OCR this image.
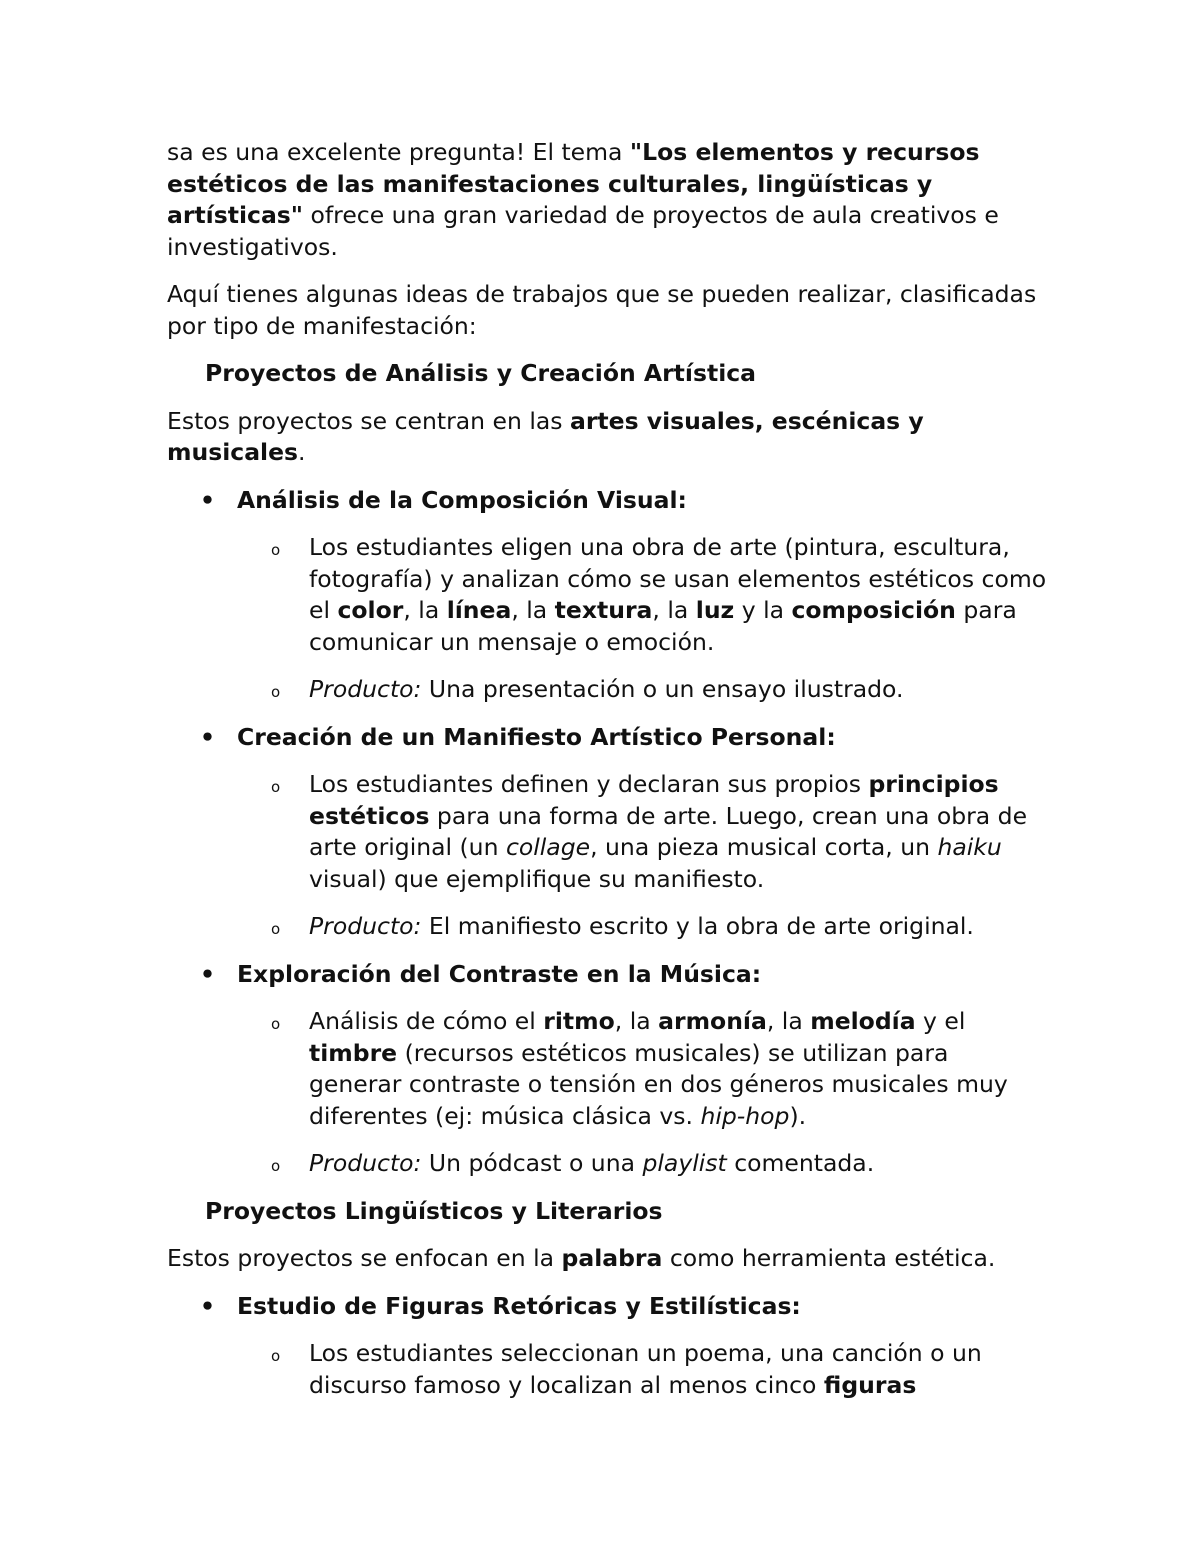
sa es una excelente pregunta! El tema "Los elementos y recursos estéticos de las manifestaciones culturales, lingüísticas y artísticas" ofrece una gran variedad de proyectos de aula creativos e investigativos.

Aquí tienes algunas ideas de trabajos que se pueden realizar, clasificadas por tipo de manifestación:

Proyectos de Análisis y Creación Artística

Estos proyectos se centran en las artes visuales, escénicas y musicales.

• Análisis de la Composición Visual:

o	Los estudiantes eligen una obra de arte (pintura, escultura, fotografía) y analizan cómo se usan elementos estéticos como el color, la línea, la textura, la luz y la composición para comunicar un mensaje o emoción.
o	Producto: Una presentación o un ensayo ilustrado.
• Creación de un Manifiesto Artístico Personal:

o	Los estudiantes definen y declaran sus propios principios estéticos para una forma de arte. Luego, crean una obra de arte original (un collage, una pieza musical corta, un haiku visual) que ejemplifique su manifiesto.
o	Producto: El manifiesto escrito y la obra de arte original.
• Exploración del Contraste en la Música:

o	Análisis de cómo el ritmo, la armonía, la melodía y el timbre (recursos estéticos musicales) se utilizan para generar contraste o tensión en dos géneros musicales muy diferentes (ej: música clásica vs. hip-hop).
o	Producto: Un pódcast o una playlist comentada.

Proyectos Lingüísticos y Literarios

Estos proyectos se enfocan en la palabra como herramienta estética.

• Estudio de Figuras Retóricas y Estilísticas:

o	Los estudiantes seleccionan un poema, una canción o un discurso famoso y localizan al menos cinco figuras
